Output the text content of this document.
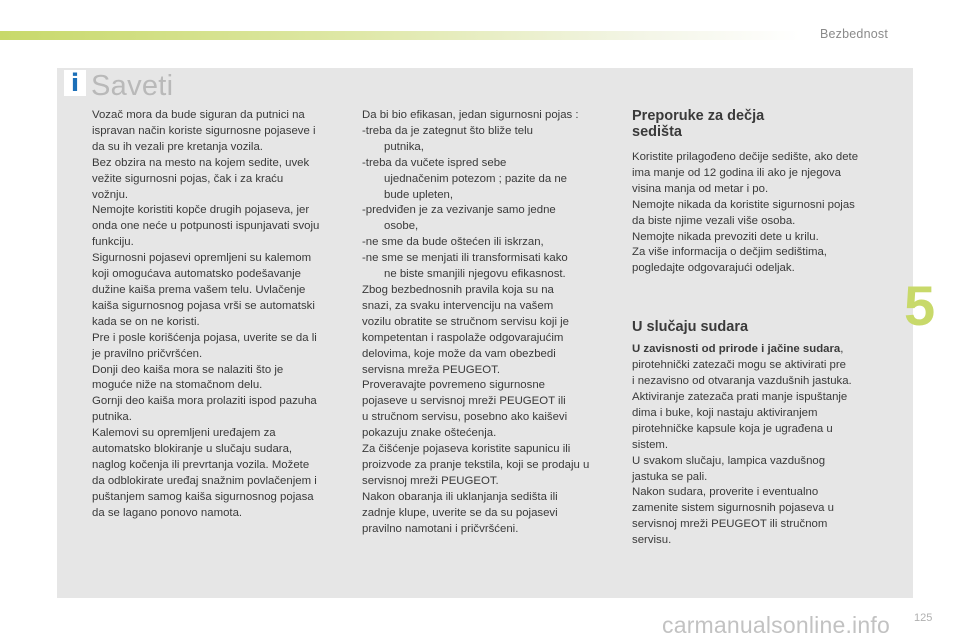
Bezbednost
i Saveti
Vozač mora da bude siguran da putnici na
ispravan način koriste sigurnosne pojaseve i
da su ih vezali pre kretanja vozila.
Bez obzira na mesto na kojem sedite, uvek
vežite sigurnosni pojas, čak i za kraću
vožnju.
Nemojte koristiti kopče drugih pojaseva, jer
onda one neće u potpunosti ispunjavati svoju
funkciju.
Sigurnosni pojasevi opremljeni su kalemom
koji omogućava automatsko podešavanje
dužine kaiša prema vašem telu. Uvlačenje
kaiša sigurnosnog pojasa vrši se automatski
kada se on ne koristi.
Pre i posle korišćenja pojasa, uverite se da li
je pravilno pričvršćen.
Donji deo kaiša mora se nalaziti što je
moguće niže na stomačnom delu.
Gornji deo kaiša mora prolaziti ispod pazuha
putnika.
Kalemovi su opremljeni uređajem za
automatsko blokiranje u slučaju sudara,
naglog kočenja ili prevrtanja vozila. Možete
da odblokirate uređaj snažnim povlačenjem i
puštanjem samog kaiša sigurnosnog pojasa
da se lagano ponovo namota.
Da bi bio efikasan, jedan sigurnosni pojas :
-treba da je zategnut što bliže telu
putnika,
-treba da vučete ispred sebe
ujednačenim potezom ; pazite da ne
bude upleten,
-predviđen je za vezivanje samo jedne
osobe,
-ne sme da bude oštećen ili iskrzan,
-ne sme se menjati ili transformisati kako
ne biste smanjili njegovu efikasnost.
Zbog bezbednosnih pravila koja su na
snazi, za svaku intervenciju na vašem
vozilu obratite se stručnom servisu koji je
kompetentan i raspolaže odgovarajućim
delovima, koje može da vam obezbedi
servisna mreža PEUGEOT.
Proveravajte povremeno sigurnosne
pojaseve u servisnoj mreži PEUGEOT ili
u stručnom servisu, posebno ako kaiševi
pokazuju znake oštećenja.
Za čišćenje pojaseva koristite sapunicu ili
proizvode za pranje tekstila, koji se prodaju u
servisnoj mreži PEUGEOT.
Nakon obaranja ili uklanjanja sedišta ili
zadnje klupe, uverite se da su pojasevi
pravilno namotani i pričvršćeni.
Preporuke za dečja
sedišta
Koristite prilagođeno dečije sedište, ako dete
ima manje od 12 godina ili ako je njegova
visina manja od metar i po.
Nemojte nikada da koristite sigurnosni pojas
da biste njime vezali više osoba.
Nemojte nikada prevoziti dete u krilu.
Za više informacija o dečjim sedištima,
pogledajte odgovarajući odeljak.
U slučaju sudara
U zavisnosti od prirode i jačine sudara,
pirotehnički zatezači mogu se aktivirati pre
i nezavisno od otvaranja vazdušnih jastuka.
Aktiviranje zatezača prati manje ispuštanje
dima i buke, koji nastaju aktiviranjem
pirotehničke kapsule koja je ugrađena u
sistem.
U svakom slučaju, lampica vazdušnog
jastuka se pali.
Nakon sudara, proverite i eventualno
zamenite sistem sigurnosnih pojaseva u
servisnoj mreži PEUGEOT ili stručnom
servisu.
5
carmanualsonline.info 125
